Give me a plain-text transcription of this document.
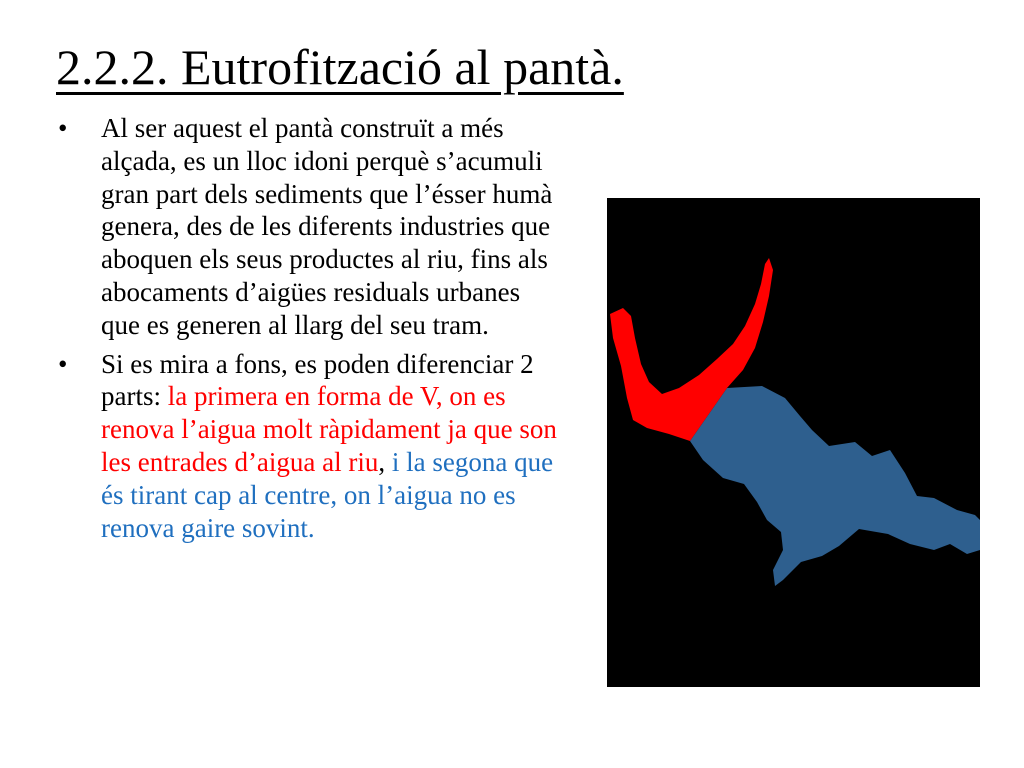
2.2.2. Eutrofització al pantà.
• Al ser aquest el pantà construït a més alçada, es un lloc idoni perquè s’acumuli gran part dels sediments que l’ésser humà genera, des de les diferents industries que aboquen els seus productes al riu, fins als abocaments d’aigües residuals urbanes que es generen al llarg del seu tram.
• Si es mira a fons, es poden diferenciar 2 parts: la primera en forma de V, on es renova l’aigua molt ràpidament ja que son les entrades d’aigua al riu, i la segona que és tirant cap al centre, on l’aigua no es renova gaire sovint.
